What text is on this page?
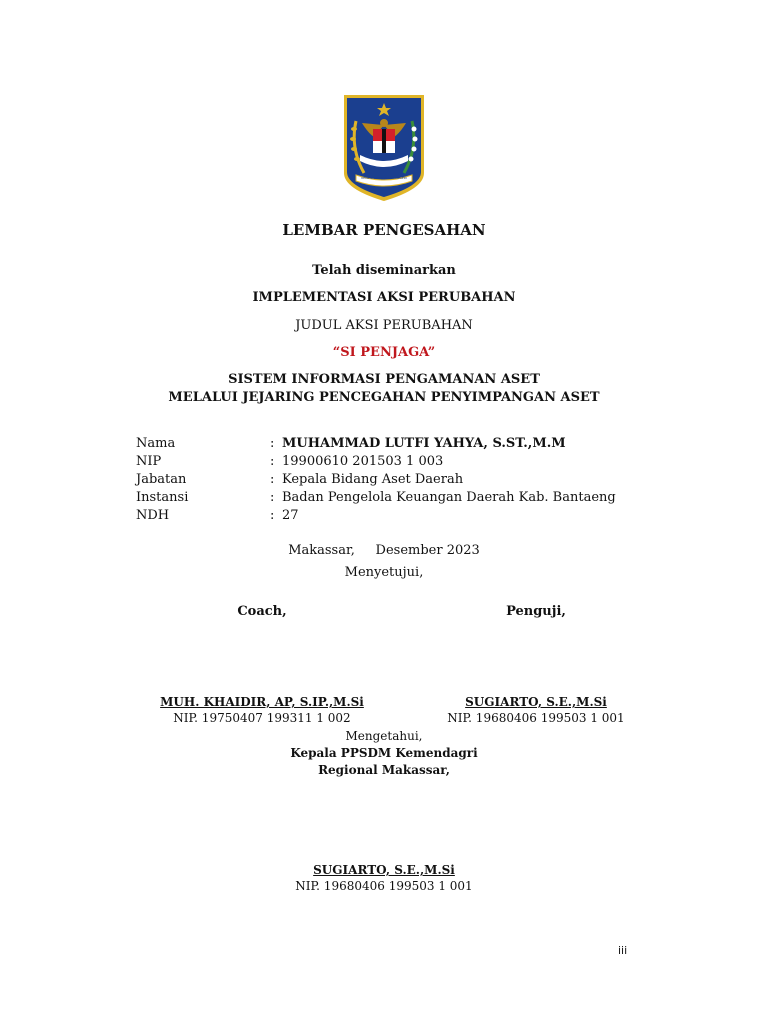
KEMENTERIAN DALAM NEGERI
LEMBAR PENGESAHAN
Telah diseminarkan
IMPLEMENTASI AKSI PERUBAHAN
JUDUL AKSI PERUBAHAN
“SI PENJAGA”
SISTEM INFORMASI PENGAMANAN ASET
MELALUI JEJARING PENCEGAHAN PENYIMPANGAN ASET
Nama	: MUHAMMAD LUTFI YAHYA, S.ST.,M.M
NIP	: 19900610 201503 1 003
Jabatan	: Kepala Bidang Aset Daerah
Instansi	: Badan Pengelola Keuangan Daerah Kab. Bantaeng
NDH	: 27
Makassar,     Desember 2023
Menyetujui,
Coach,	Penguji,
MUH. KHAIDIR, AP, S.IP.,M.Si
NIP. 19750407 199311 1 002
SUGIARTO, S.E.,M.Si
NIP. 19680406 199503 1 001
Mengetahui,
Kepala PPSDM Kemendagri
Regional Makassar,
SUGIARTO, S.E.,M.Si
NIP. 19680406 199503 1 001
iii
